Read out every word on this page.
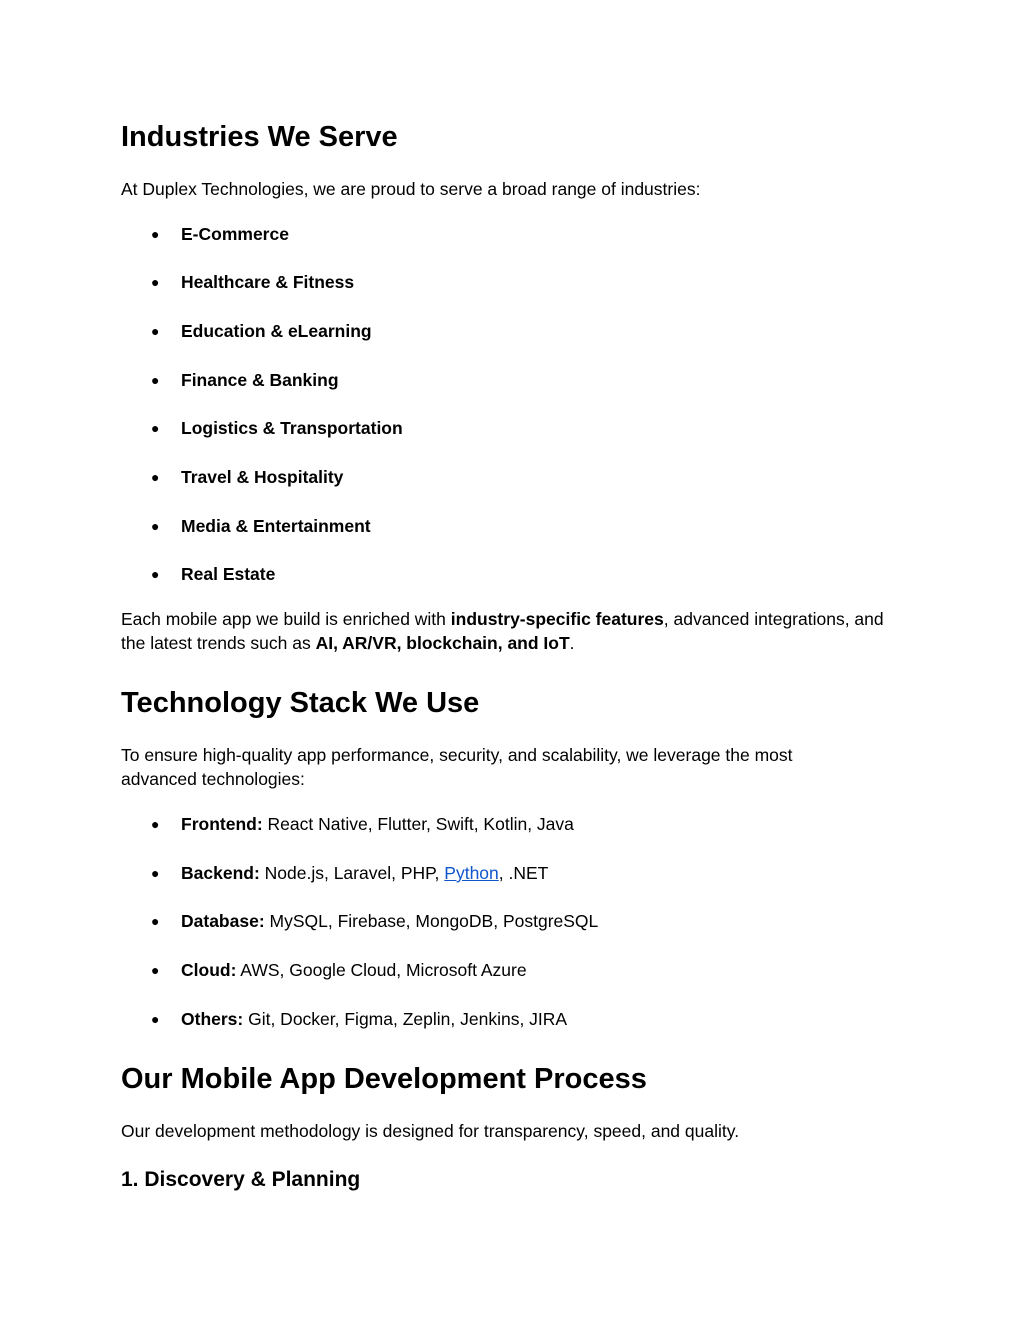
Industries We Serve

At Duplex Technologies, we are proud to serve a broad range of industries:

● E-Commerce
● Healthcare & Fitness
● Education & eLearning
● Finance & Banking
● Logistics & Transportation
● Travel & Hospitality
● Media & Entertainment
● Real Estate

Each mobile app we build is enriched with industry-specific features, advanced integrations, and the latest trends such as AI, AR/VR, blockchain, and IoT.

Technology Stack We Use

To ensure high-quality app performance, security, and scalability, we leverage the most advanced technologies:

● Frontend: React Native, Flutter, Swift, Kotlin, Java
● Backend: Node.js, Laravel, PHP, Python, .NET
● Database: MySQL, Firebase, MongoDB, PostgreSQL
● Cloud: AWS, Google Cloud, Microsoft Azure
● Others: Git, Docker, Figma, Zeplin, Jenkins, JIRA
Our Mobile App Development Process

Our development methodology is designed for transparency, speed, and quality.

1. Discovery & Planning
